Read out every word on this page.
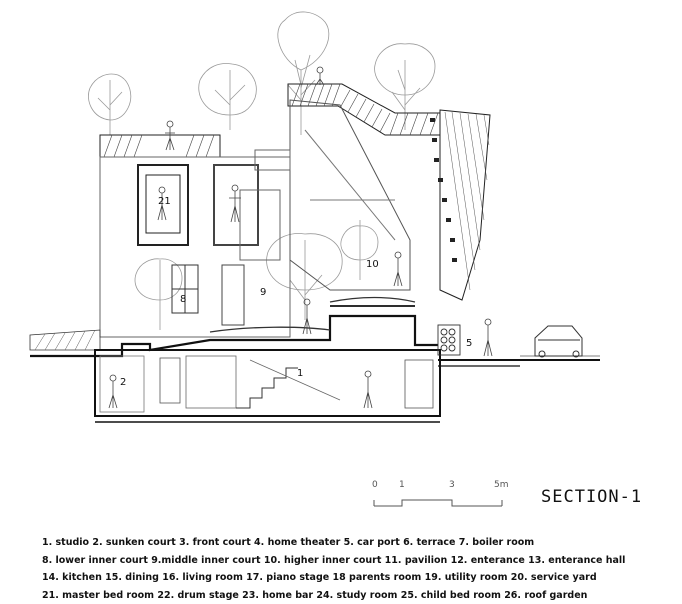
1
2
5
8
9
10
21
0 1	3	5m
SECTION-1
1. studio 2. sunken court 3. front court 4. home theater 5. car port 6. terrace 7. boiler room
8. lower inner court 9.middle inner court 10. higher inner court 11. pavilion 12. enterance 13. enterance hall
14. kitchen 15. dining 16. living room 17. piano stage 18 parents room 19. utility room 20. service yard
21. master bed room 22. drum stage 23. home bar 24. study room 25. child bed room 26. roof garden
